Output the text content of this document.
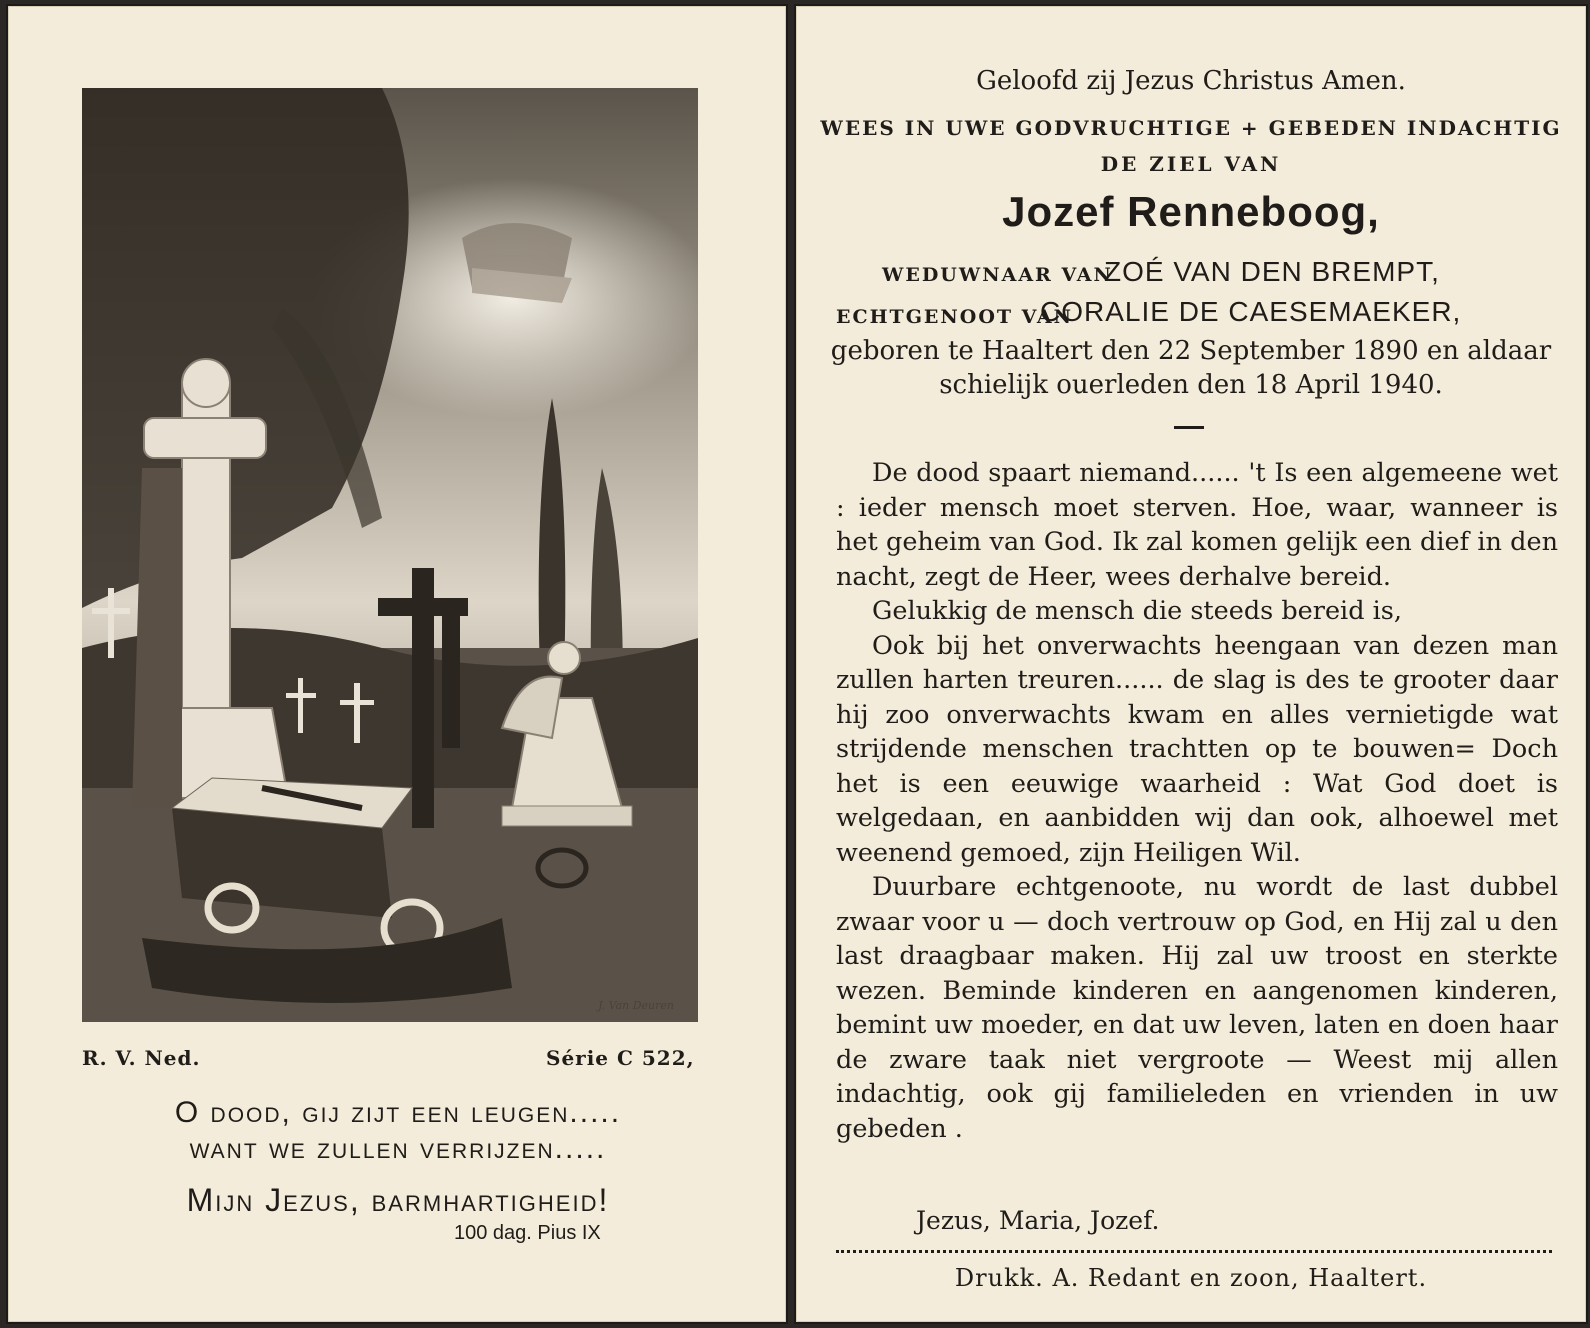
J. Van Deuren
R. V. Ned.	Série C 522,
O dood, gij zijt een leugen.....
want we zullen verrijzen.....
Mijn Jezus, barmhartigheid!
100 dag. Pius IX
Geloofd zij Jezus Christus Amen.
WEES IN UWE GODVRUCHTIGE + GEBEDEN INDACHTIG
DE ZIEL VAN
Jozef Renneboog,
WEDUWNAAR VAN
ZOÉ VAN DEN BREMPT,
ECHTGENOOT VAN
CORALIE DE CAESEMAEKER,
geboren te Haaltert den 22 September 1890 en aldaar
schielijk ouerleden den 18 April 1940.

De dood spaart niemand...... 't Is een algemeene wet : ieder mensch moet sterven. Hoe, waar, wanneer is het geheim van God. Ik zal komen gelijk een dief in den nacht, zegt de Heer, wees derhalve bereid.

Gelukkig de mensch die steeds bereid is,

Ook bij het onverwachts heengaan van dezen man zullen harten treuren...... de slag is des te grooter daar hij zoo onverwachts kwam en alles vernietigde wat strijdende menschen trachtten op te bouwen= Doch het is een eeuwige waarheid : Wat God doet is welgedaan, en aanbidden wij dan ook, alhoewel met weenend gemoed, zijn Heiligen Wil.

Duurbare echtgenoote, nu wordt de last dubbel zwaar voor u — doch vertrouw op God, en Hij zal u den last draagbaar maken. Hij zal uw troost en sterkte wezen. Beminde kinderen en aangenomen kinderen, bemint uw moeder, en dat uw leven, laten en doen haar de zware taak niet vergroote — Weest mij allen indachtig, ook gij familieleden en vrienden in uw gebeden .

Jezus, Maria, Jozef.
Drukk. A. Redant en zoon, Haaltert.
